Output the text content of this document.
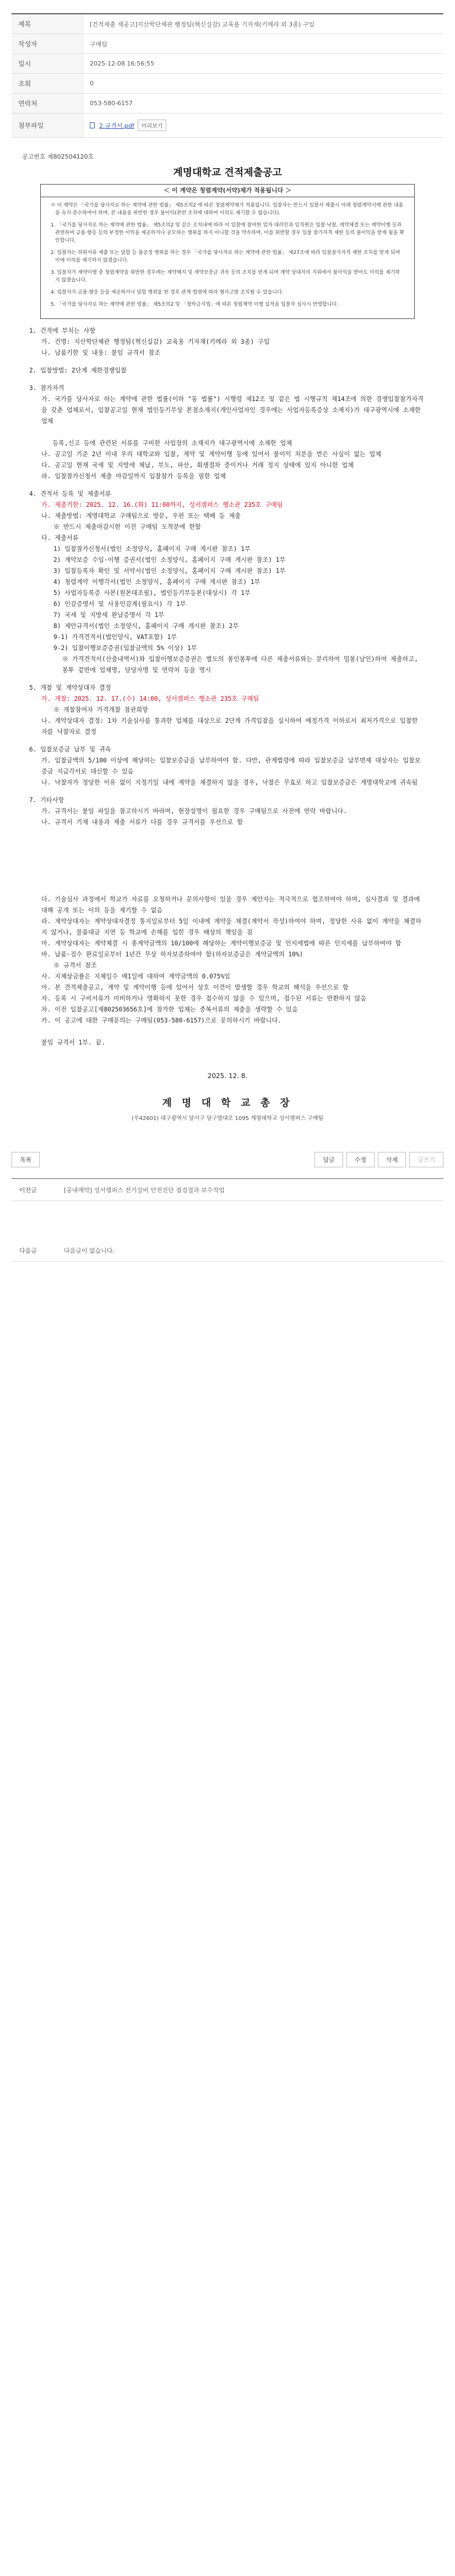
제목	[건적제출 재공고]지산학단체관 행정팀(혁신실감) 교육용 기자재(키메라 외 3종) 구입
작성자	구매팀
일시	2025-12-08 16:56:55
조회	0
연락처	053-580-6157
첨부파일	2.규격서.pdf	미리보기
공고번호 제802504120호
계명대학교 견적제출공고
＜ 이 계약은 청렴계약(서약)제가 적용됩니다 ＞

ㅇ 이 계약은 「국가를 당사자로 하는 계약에 관한 법률」 제5조의2 에 따른 청렴계약제가 적용됩니다. 입찰자는 반드시 입찰서 제출시 아래 청렴계약서에 관한 내용을 숙지·준수하여야 하며, 본 내용을 위반한 경우 불이익(관련 조치에 대하여 이의도 제기할 수 없습니다).

1. 「국가를 당사자로 하는 계약에 관한 법률」 제5조의2 및 같은 조치내에 따라 이 입찰에 참여한 업자 대리인과 임직원은 입찰·낙찰, 계약체결 또는 계약이행 등과 관련하여 금품·향응 등의 부정한 이익을 제공하거나 공모하는 행위를 하지 아니할 것을 약속하며, 이를 위반할 경우 입찰 참가자격 제한 등의 불이익을 받게 됨을 확인합니다.

2. 입찰자는 허위서류 제출 또는 담합 등 불공정 행위를 하는 경우 「국가를 당사자로 하는 계약에 관한 법률」 제27조에 따라 입찰참가자격 제한 조치를 받게 되며 이에 이의를 제기하지 않겠습니다.

3. 입찰자가 계약이행 중 청렴계약을 위반한 경우에는 계약해지 및 계약보증금 귀속 등의 조치를 받게 되며 계약 상대자의 지위에서 불이익을 받아도 이의를 제기하지 않겠습니다.

4. 입찰자가 금품·향응 등을 제공하거나 담합 행위를 한 경우 관계 법령에 따라 형사고발 조치될 수 있습니다.

5. 「국가를 당사자로 하는 계약에 관한 법률」 제5조의2 및 「청탁금지법」에 따른 청렴계약 이행 실적을 입찰자 심사시 반영합니다.

1. 건적에 부치는 사항
가. 건명: 지산학단체관 행정팀(혁신실감) 교육용 기자재(키메라 외 3종) 구입
나. 납품기한 및 내용: 붙임 규격서 참조
2. 입찰방법: 2단계 제한경쟁입찰
3. 참가자격
가. 국가를 당사자로 하는 계약에 관한 법률(이하 "동 법률") 시행령 제12조 및 같은 법 시행규칙 제14조에 의한 경쟁입찰참가자격을 갖춘 업체로서, 입찰공고일 현재 법인등기부상 본점소재지(개인사업자인 경우에는 사업자등록증상 소재지)가 대구광역시에 소재한 업체
등록,신고 등에 관련된 서류를 구비한 사업장의 소재지가 대구광역시에 소재한 업체
나. 공고일 기준 2년 이내 우리 대학교와 입찰, 계약 및 계약이행 등에 있어서 불이익 처분을 받은 사실이 없는 업체
다. 공고일 현재 국세 및 지방세 체납, 부도, 파산, 회생절차 중이거나 거래 정지 상태에 있지 아니한 업체
라. 입찰참가신청서 제출 마감일까지 입찰참가 등록을 필한 업체
4. 견적서 등록 및 제출서류
가. 제출기한: 2025. 12. 16.(화) 11:00까지, 성서캠퍼스 행소관 235호 구매팀
나. 제출방법: 계명대학교 구매팀으로 방문, 우편 또는 택배 등 제출
※ 반드시 제출마감시한 이전 구매팀 도착분에 한함
다. 제출서류
1) 입찰참가신청서(법인 소정양식, 홈페이지 구매 게시판 참조) 1부
2) 계약보증 수입·이행 증권서(법인 소정양식, 홈페이지 구매 게시판 참조) 1부
3) 입찰등록자 확인 및 서약서(법인 소정양식, 홈페이지 구매 게시판 참조) 1부
4) 청렴계약 이행각서(법인 소정양식, 홈페이지 구매 게시판 참조) 1부
5) 사업자등록증 사본(원본대조필), 법인등기부등본(대상시) 각 1부
6) 인감증명서 및 사용인감계(필요시) 각 1부
7) 국세 및 지방세 완납증명서 각 1부
8) 제안규격서(법인 소정양식, 홈페이지 구매 게시판 참조) 2부
9-1) 가격견적서(법인양식, VAT포함) 1부
9-2) 입찰이행보증증권(입찰금액의 5% 이상) 1부
※ 가격견적서(산출내역서)와 입찰이행보증증권은 별도의 봉인봉투에 다른 제출서류와는 분리하여 밀봉(날인)하여 제출하고, 봉투 겉면에 업체명, 담당자명 및 연락처 등을 명시
5. 개찰 및 계약상대자 결정
가. 개찰: 2025. 12. 17.(수) 14:00, 성서캠퍼스 행소관 235호 구매팀
※ 개찰참여자 가격개찰 참관희망
나. 계약상대자 결정: 1차 기술심사를 통과한 업체를 대상으로 2단계 가격입찰을 실시하여 예정가격 이하로서 최저가격으로 입찰한 자를 낙찰자로 결정
6. 입찰보증금 납부 및 귀속
가. 입찰금액의 5/100 이상에 해당하는 입찰보증금을 납부하여야 함. 다만, 관계법령에 따라 입찰보증금 납부면제 대상자는 입찰보증금 지급각서로 대신할 수 있음
나. 낙찰자가 정당한 이유 없이 지정기일 내에 계약을 체결하지 않을 경우, 낙찰은 무효로 하고 입찰보증금은 계명대학교에 귀속됨
7. 기타사항
가. 규격서는 붙임 파일을 참고하시기 바라며, 현장설명이 필요한 경우 구매팀으로 사전에 연락 바랍니다.
나. 규격서 기재 내용과 제출 서류가 다를 경우 규격서를 우선으로 함
다. 기술심사 과정에서 학교가 자료를 요청하거나 문의사항이 있을 경우 제안자는 적극적으로 협조하여야 하며, 심사결과 및 결과에 대해 공개 또는 이의 등을 제기할 수 없음
라. 계약상대자는 계약상대자결정 통지일로부터 5일 이내에 계약을 체결(계약서 작성)하여야 하며, 정당한 사유 없이 계약을 체결하지 않거나, 물품대금 지연 등 학교에 손해를 입힌 경우 배상의 책임을 짐
마. 계약상대자는 계약체결 시 총계약금액의 10/100에 해당하는 계약이행보증금 및 인지세법에 따른 인지세를 납부하여야 함
바. 납품·검수 완료일로부터 1년간 무상 하자보증하여야 함(하자보증금은 계약금액의 10%)
※ 규격서 참조
사. 지체상금률은 지체일수 매1일에 대하여 계약금액의 0.075%임
아. 본 견적제출공고, 계약 및 계약이행 등에 있어서 상호 이견이 발생할 경우 학교의 해석을 우선으로 함
자. 등록 시 구비서류가 미비하거나 명확하지 못한 경우 접수하지 않을 수 있으며, 접수된 서류는 반환하지 않음
차. 이전 입찰공고[제802503656호]에 참가한 업체는 중복서류의 제출을 생략할 수 있음
카. 이 공고에 대한 구매문의는 구매팀(053-580-6157)으로 문의하시기 바랍니다.
붙임 규격서 1부. 끝.
2025. 12. 8.
계 명 대 학 교 총 장
(우42601) 대구광역시 달서구 달구벌대로 1095 계명대학교 성서캠퍼스 구매팀
목록	답글	수정	삭제	글쓰기
이전글	[공내계약] 성서캠퍼스 전기설비 안전진단 점검결과 보수작업
다음글	다음글이 없습니다.
